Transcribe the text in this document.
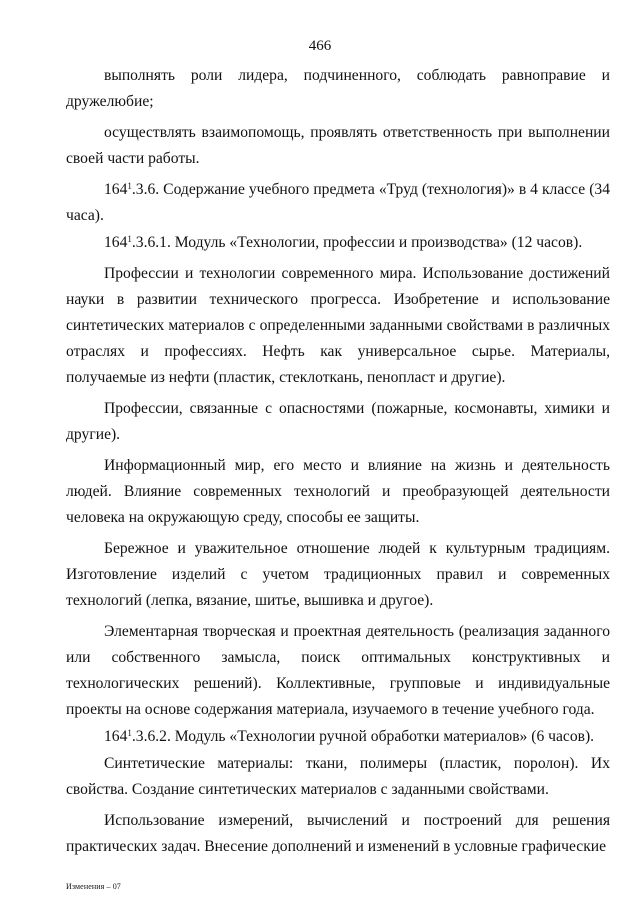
466

выполнять роли лидера, подчиненного, соблюдать равноправие и дружелюбие;

осуществлять взаимопомощь, проявлять ответственность при выполнении своей части работы.

$164^1.3.6$. Содержание учебного предмета «Труд (технология)» в 4 классе (34 часа).

$164^1.3.6.1$. Модуль «Технологии, профессии и производства» (12 часов).

Профессии и технологии современного мира. Использование достижений науки в развитии технического прогресса. Изобретение и использование синтетических материалов с определенными заданными свойствами в различных отраслях и профессиях. Нефть как универсальное сырье. Материалы, получаемые из нефти (пластик, стеклоткань, пенопласт и другие).

Профессии, связанные с опасностями (пожарные, космонавты, химики и другие).

Информационный мир, его место и влияние на жизнь и деятельность людей. Влияние современных технологий и преобразующей деятельности человека на окружающую среду, способы ее защиты.

Бережное и уважительное отношение людей к культурным традициям. Изготовление изделий с учетом традиционных правил и современных технологий (лепка, вязание, шитье, вышивка и другое).

Элементарная творческая и проектная деятельность (реализация заданного или собственного замысла, поиск оптимальных конструктивных и технологических решений). Коллективные, групповые и индивидуальные проекты на основе содержания материала, изучаемого в течение учебного года.

$164^1.3.6.2$. Модуль «Технологии ручной обработки материалов» (6 часов).

Синтетические материалы: ткани, полимеры (пластик, поролон). Их свойства. Создание синтетических материалов с заданными свойствами.

Использование измерений, вычислений и построений для решения практических задач. Внесение дополнений и изменений в условные графические

Изменения – 07
